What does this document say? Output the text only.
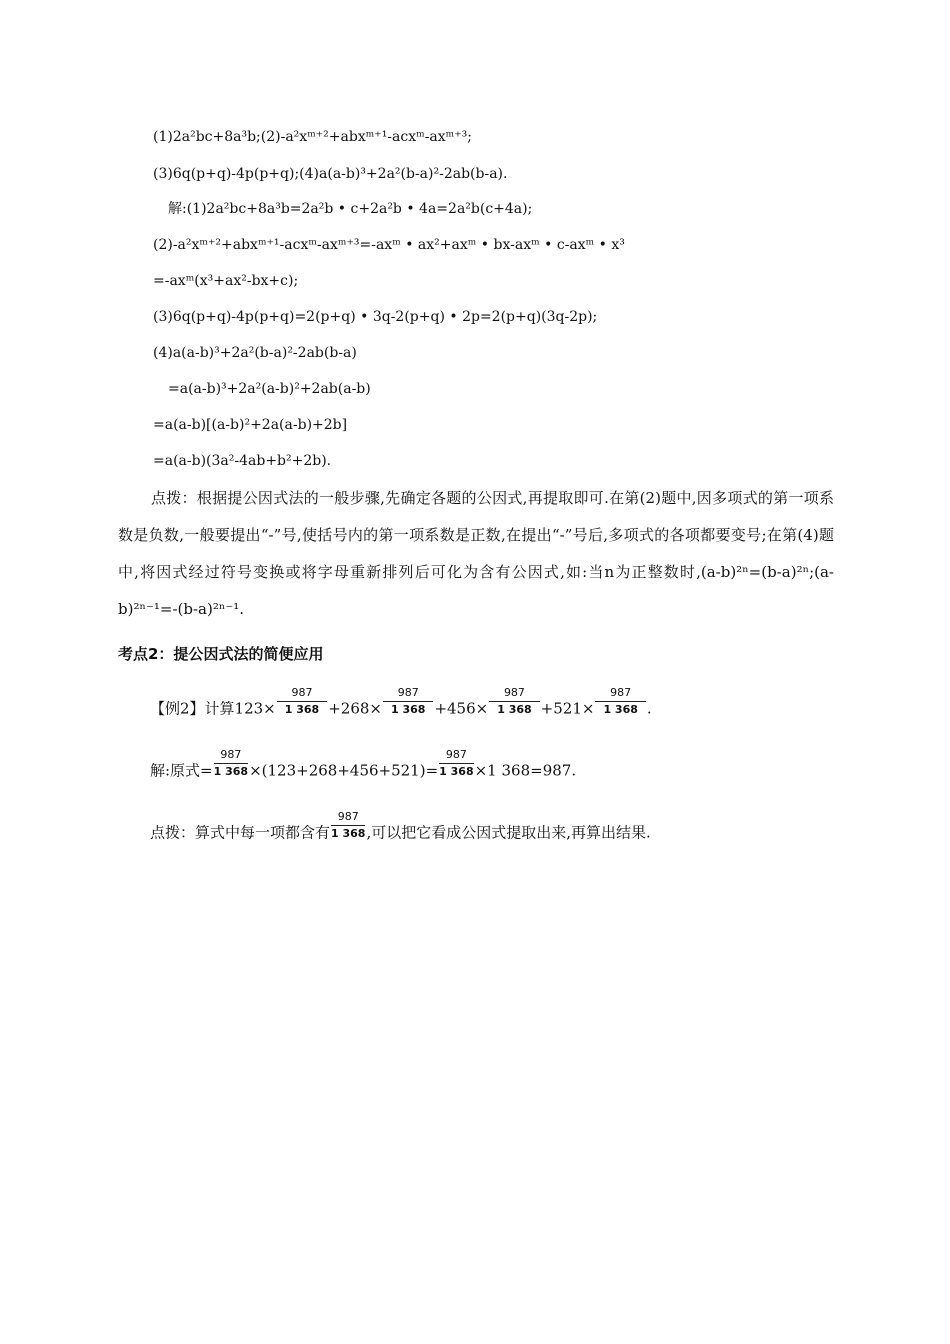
(1)2a²bc+8a³b;(2)-a²xᵐ⁺²+abxᵐ⁺¹-acxᵐ-axᵐ⁺³;
(3)6q(p+q)-4p(p+q);(4)a(a-b)³+2a²(b-a)²-2ab(b-a).
解:(1)2a²bc+8a³b=2a²b • c+2a²b • 4a=2a²b(c+4a);
(2)-a²xᵐ⁺²+abxᵐ⁺¹-acxᵐ-axᵐ⁺³=-axᵐ • ax²+axᵐ • bx-axᵐ • c-axᵐ • x³
=-axᵐ(x³+ax²-bx+c);
(3)6q(p+q)-4p(p+q)=2(p+q) • 3q-2(p+q) • 2p=2(p+q)(3q-2p);
(4)a(a-b)³+2a²(b-a)²-2ab(b-a)
=a(a-b)³+2a²(a-b)²+2ab(a-b)
=a(a-b)[(a-b)²+2a(a-b)+2b]
=a(a-b)(3a²-4ab+b²+2b).
点拨：根据提公因式法的一般步骤,先确定各题的公因式,再提取即可.在第(2)题中,因多项式的第一项系数是负数,一般要提出“-”号,使括号内的第一项系数是正数,在提出“-”号后,多项式的各项都要变号;在第(4)题中,将因式经过符号变换或将字母重新排列后可化为含有公因式,如:当n为正整数时,(a-b)²ⁿ=(b-a)²ⁿ;(a-b)²ⁿ⁻¹=-(b-a)²ⁿ⁻¹.
考点2：提公因式法的简便应用
【例2】计算$123\times \frac{987}{1 368} +268\times \frac{987}{1 368} +456\times \frac{987}{1 368} +521\times \frac{987}{1 368}$ .
解:原式= $\frac{987}{1 368} \times(123+268+456+521)= \frac{987}{1 368} \times 1$ 368=987.
点拨：算式中每一项都含有 $\frac{987}{1 368}$ ,可以把它看成公因式提取出来,再算出结果.
